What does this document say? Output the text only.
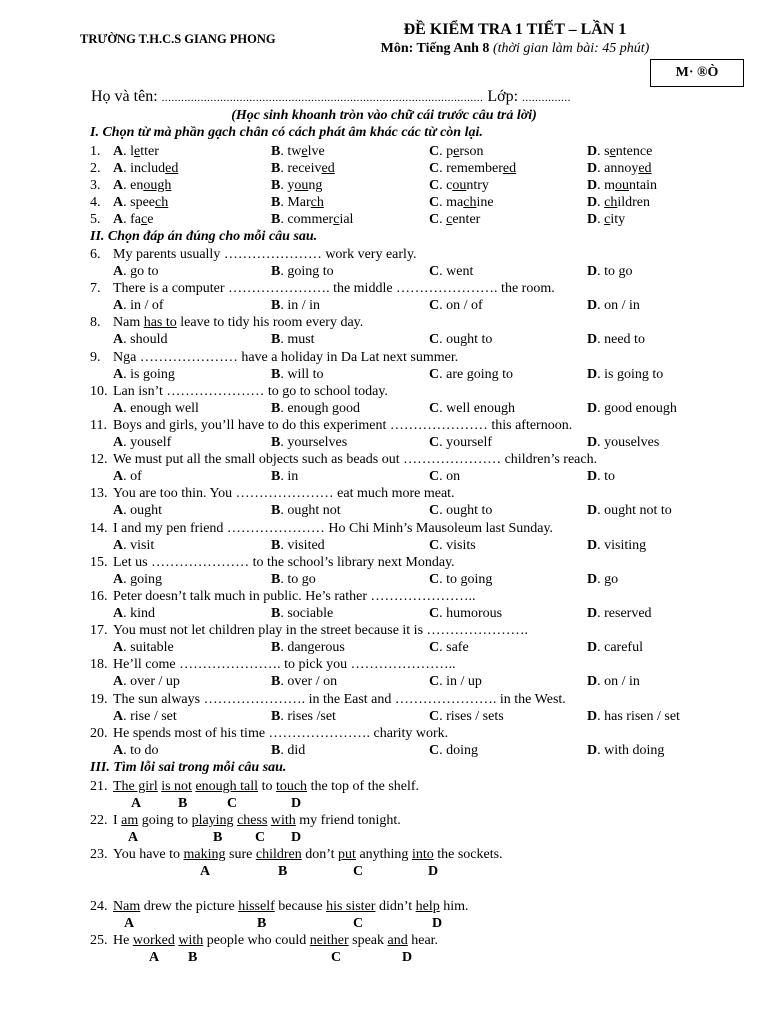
TRƯỜNG T.H.C.S GIANG PHONG
ĐỀ KIỂM TRA 1 TIẾT – LẦN 1
Môn: Tiếng Anh 8 (thời gian làm bài: 45 phút)
M· ®Ò
Họ và tên: ................................................................................................... Lớp: ...............
(Học sinh khoanh tròn vào chữ cái trước câu trả lời)
I. Chọn từ mà phần gạch chân có cách phát âm khác các từ còn lại.
1. A. letter	B. twelve	C. person	D. sentence
2. A. included	B. received	C. remembered	D. annoyed
3. A. enough	B. young	C. country	D. mountain
4. A. speech	B. March	C. machine	D. children
5. A. face	B. commercial	C. center	D. city
II. Chọn đáp án đúng cho mỗi câu sau.
6. My parents usually ………………… work very early.
A. go to	B. going to	C. went	D. to go
7. There is a computer …………………. the middle …………………. the room.
A. in / of	B. in / in	C. on / of	D. on / in
8. Nam has to leave to tidy his room every day.
A. should	B. must	C. ought to	D. need to
9. Nga ………………… have a holiday in Da Lat next summer.
A. is going	B. will to	C. are going to	D. is going to
10. Lan isn’t ………………… to go to school today.
A. enough well	B. enough good	C. well enough	D. good enough
11. Boys and girls, you’ll have to do this experiment ………………… this afternoon.
A. youself	B. yourselves	C. yourself	D. youselves
12. We must put all the small objects such as beads out ………………… children’s reach.
A. of	B. in	C. on	D. to
13. You are too thin. You ………………… eat much more meat.
A. ought	B. ought not	C. ought to	D. ought not to
14. I and my pen friend ………………… Ho Chi Minh’s Mausoleum last Sunday.
A. visit	B. visited	C. visits	D. visiting
15. Let us ………………… to the school’s library next Monday.
A. going	B. to go	C. to going	D. go
16. Peter doesn’t talk much in public. He’s rather …………………..
A. kind	B. sociable	C. humorous	D. reserved
17. You must not let children play in the street because it is ………………….
A. suitable	B. dangerous	C. safe	D. careful
18. He’ll come …………………. to pick you …………………..
A. over / up	B. over / on	C. in / up	D. on / in
19. The sun always …………………. in the East and …………………. in the West.
A. rise / set	B. rises /set	C. rises / sets	D. has risen / set
20. He spends most of his time …………………. charity work.
A. to do	B. did	C. doing	D. with doing
III. Tìm lỗi sai trong mỗi câu sau.
21. The girl is not enough tall to touch the top of the shelf.
A	B	C	D
22. I am going to playing chess with my friend tonight.
A	B C D
23. You have to making sure children don’t put anything into the sockets.
A	B	C	D
24. Nam drew the picture hisself because his sister didn’t help him.
A	B	C	D
25. He worked with people who could neither speak and hear.
A B	C	D
